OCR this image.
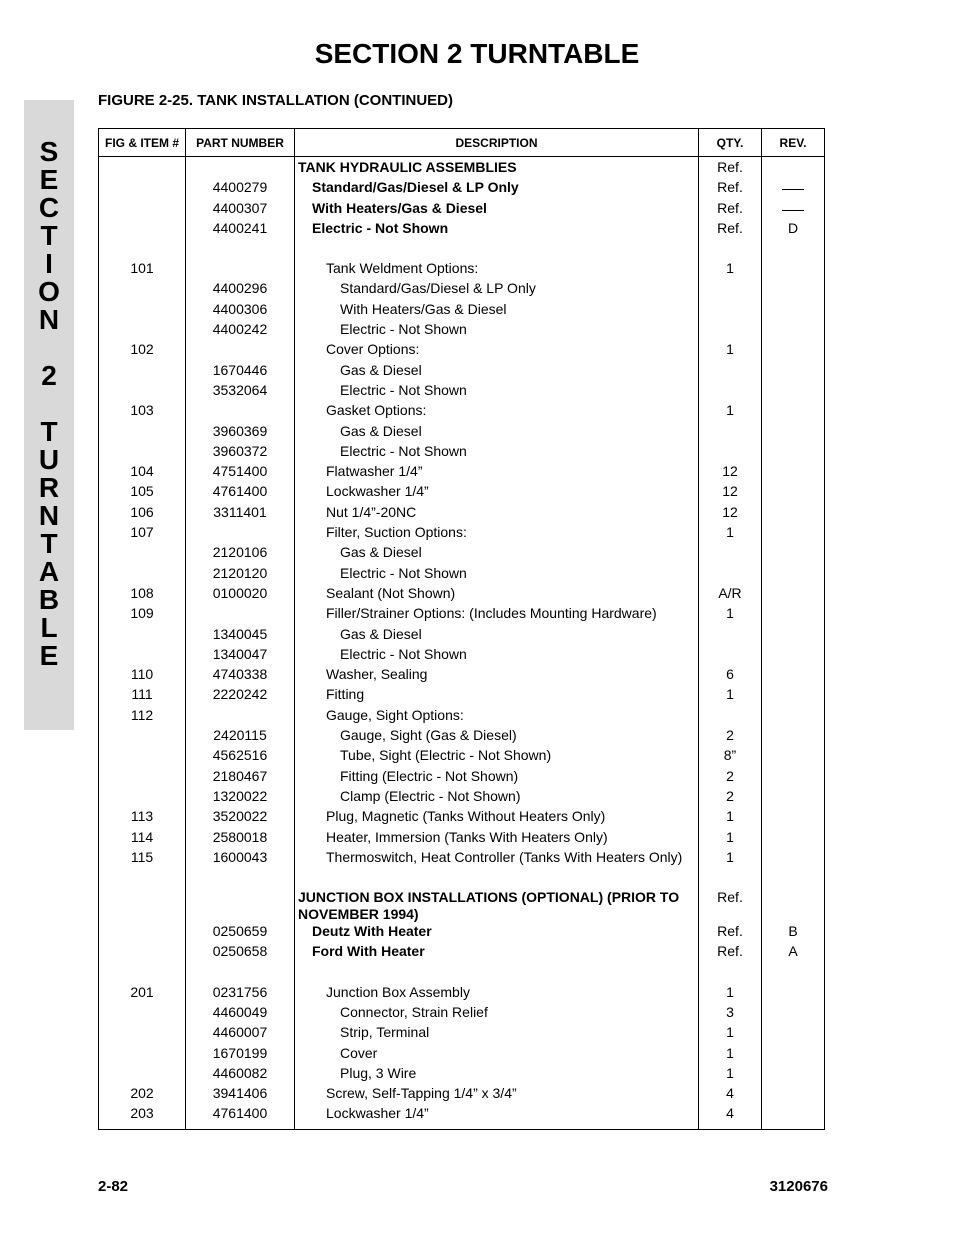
SECTION 2 TURNTABLE
S
E
C
T
I
O
N
2
T
U
R
N
T
A
B
L
E
FIGURE 2-25. TANK INSTALLATION (CONTINUED)
FIG & ITEM #	PART NUMBER	DESCRIPTION	QTY.	REV.
		TANK HYDRAULIC ASSEMBLIES	Ref.	
	4400279	Standard/Gas/Diesel & LP Only	Ref.	
	4400307	With Heaters/Gas & Diesel	Ref.	
	4400241	Electric - Not Shown	Ref.	D

101		Tank Weldment Options:	1	
	4400296	Standard/Gas/Diesel & LP Only		
	4400306	With Heaters/Gas & Diesel		
	4400242	Electric - Not Shown		
102		Cover Options:	1	
	1670446	Gas & Diesel		
	3532064	Electric - Not Shown		
103		Gasket Options:	1	
	3960369	Gas & Diesel		
	3960372	Electric - Not Shown		
104	4751400	Flatwasher 1/4”	12	
105	4761400	Lockwasher 1/4”	12	
106	3311401	Nut 1/4”-20NC	12	
107		Filter, Suction Options:	1	
	2120106	Gas & Diesel		
	2120120	Electric - Not Shown		
108	0100020	Sealant (Not Shown)	A/R	
109		Filler/Strainer Options: (Includes Mounting Hardware)	1	
	1340045	Gas & Diesel		
	1340047	Electric - Not Shown		
110	4740338	Washer, Sealing	6	
111	2220242	Fitting	1	
112		Gauge, Sight Options:		
	2420115	Gauge, Sight (Gas & Diesel)	2	
	4562516	Tube, Sight (Electric - Not Shown)	8”	
	2180467	Fitting (Electric - Not Shown)	2	
	1320022	Clamp (Electric - Not Shown)	2	
113	3520022	Plug, Magnetic (Tanks Without Heaters Only)	1	
114	2580018	Heater, Immersion (Tanks With Heaters Only)	1	
115	1600043	Thermoswitch, Heat Controller (Tanks With Heaters Only)	1	

		JUNCTION BOX INSTALLATIONS (OPTIONAL) (PRIOR TO NOVEMBER 1994)	Ref.	
	0250659	Deutz With Heater	Ref.	B
	0250658	Ford With Heater	Ref.	A

201	0231756	Junction Box Assembly	1	
	4460049	Connector, Strain Relief	3	
	4460007	Strip, Terminal	1	
	1670199	Cover	1	
	4460082	Plug, 3 Wire	1	
202	3941406	Screw, Self-Tapping 1/4” x 3/4”	4	
203	4761400	Lockwasher 1/4”	4	
2-82	3120676
